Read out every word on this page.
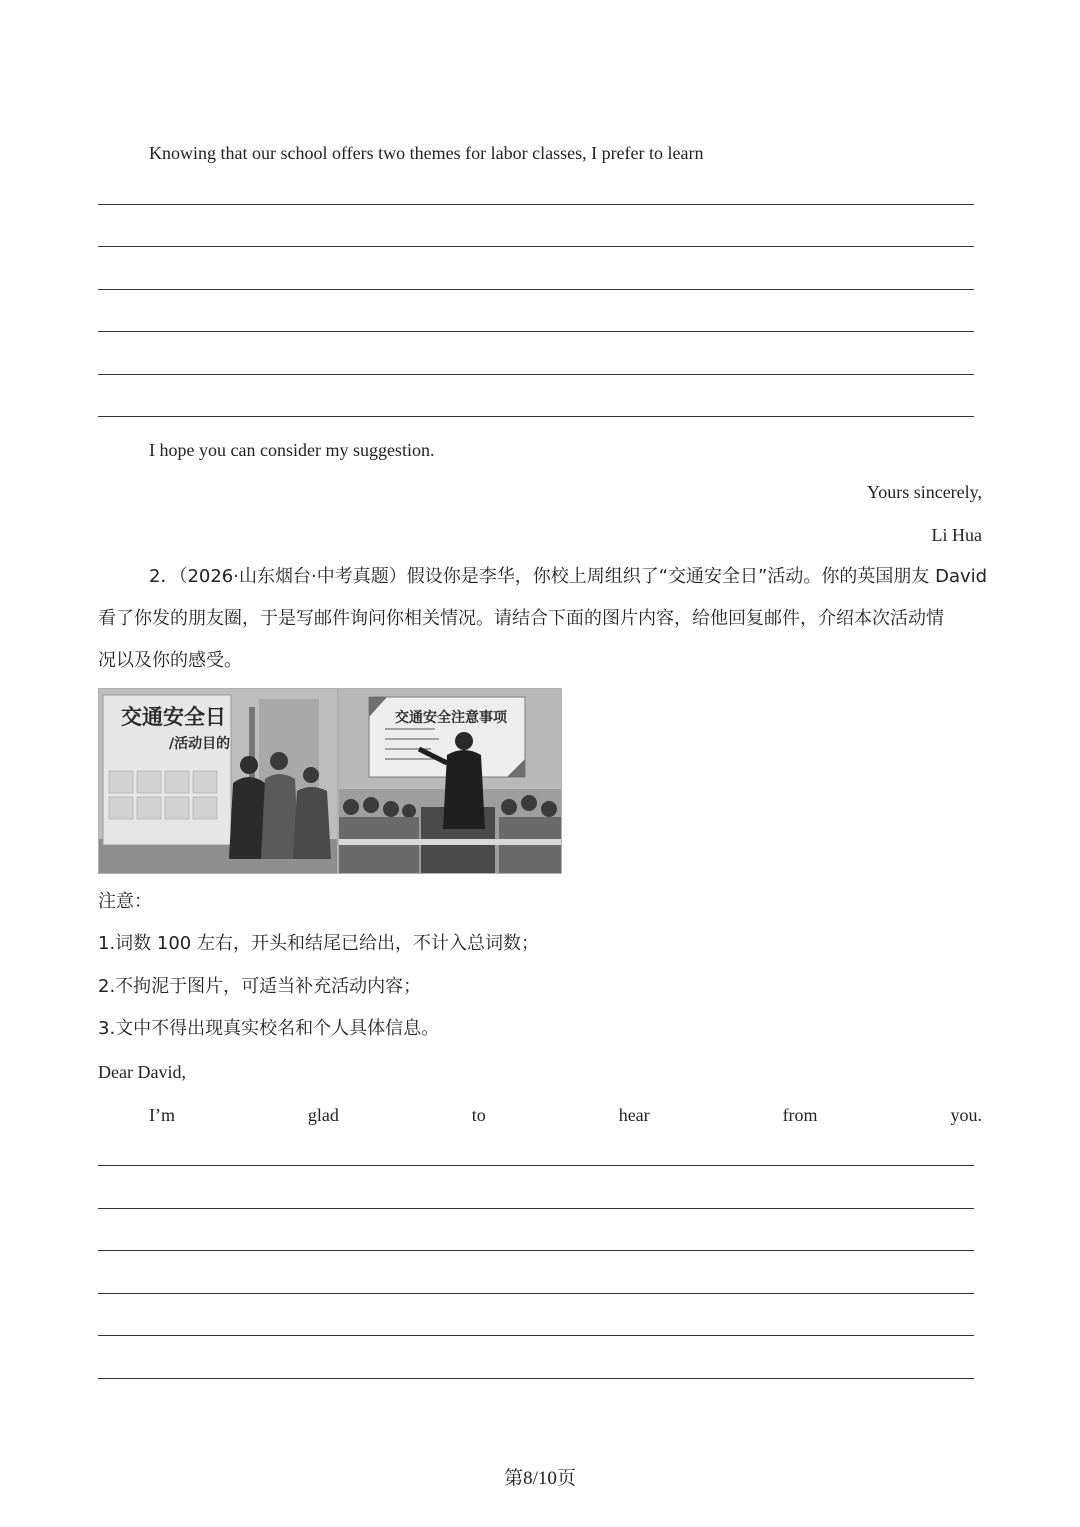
Knowing that our school offers two themes for labor classes, I prefer to learn
I hope you can consider my suggestion.
Yours sincerely,
Li Hua
2．（2026·山东烟台·中考真题）假设你是李华，你校上周组织了“交通安全日”活动。你的英国朋友 David
看了你发的朋友圈，于是写邮件询问你相关情况。请结合下面的图片内容，给他回复邮件，介绍本次活动情
况以及你的感受。
交通安全日
/活动目的
交通安全注意事项
注意：
1.词数 100 左右，开头和结尾已给出，不计入总词数；
2.不拘泥于图片，可适当补充活动内容；
3.文中不得出现真实校名和个人具体信息。
Dear David,
I’m	glad	to	hear	from	you.
第8/10页
